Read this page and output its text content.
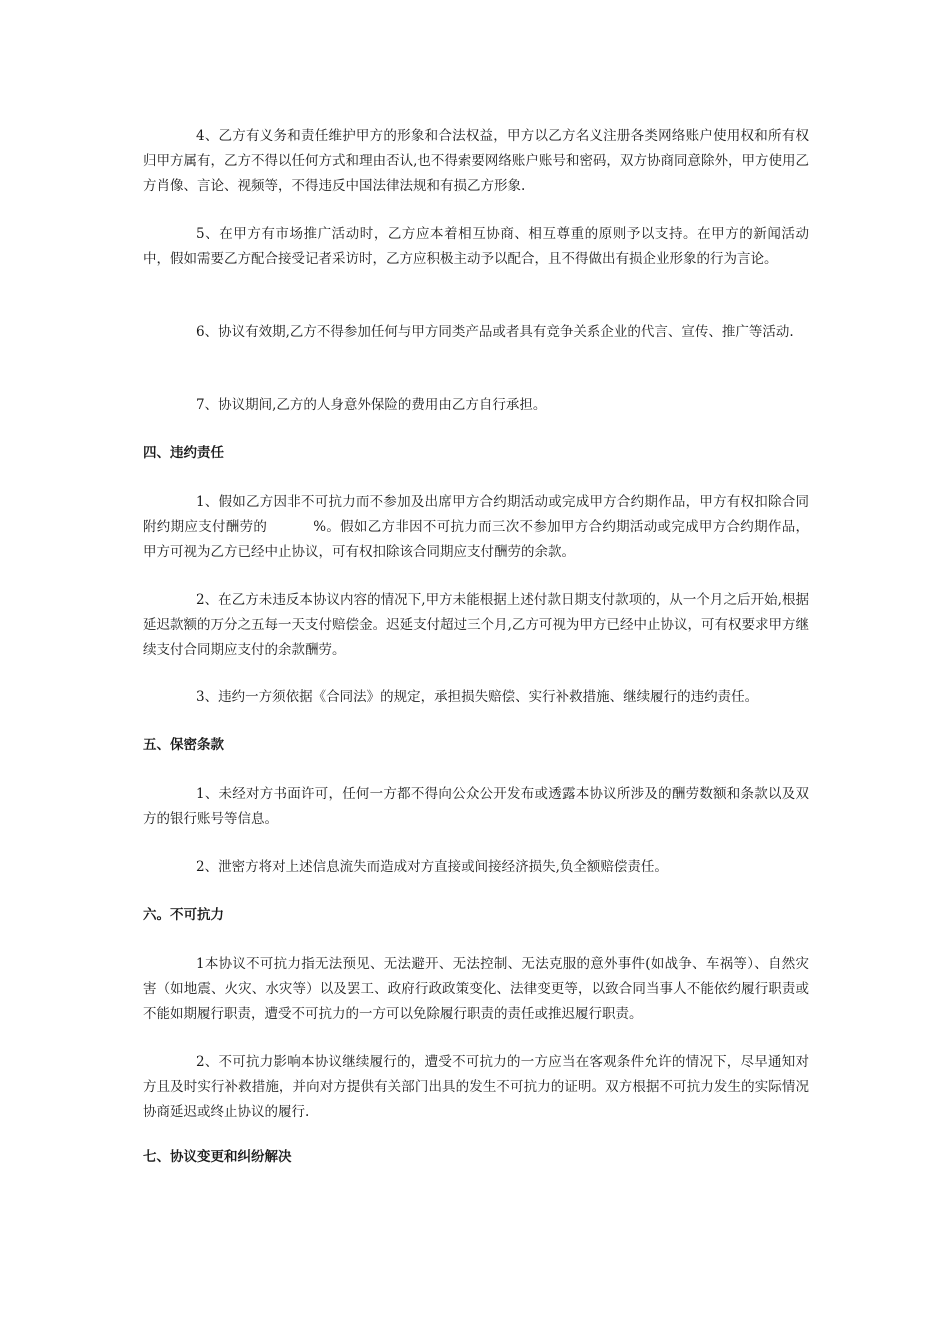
4、乙方有义务和责任维护甲方的形象和合法权益，甲方以乙方名义注册各类网络账户使用权和所有权归甲方属有，乙方不得以任何方式和理由否认,也不得索要网络账户账号和密码，双方协商同意除外，甲方使用乙方肖像、言论、视频等，不得违反中国法律法规和有损乙方形象.

5、在甲方有市场推广活动时，乙方应本着相互协商、相互尊重的原则予以支持。在甲方的新闻活动中，假如需要乙方配合接受记者采访时，乙方应积极主动予以配合，且不得做出有损企业形象的行为言论。

6、协议有效期,乙方不得参加任何与甲方同类产品或者具有竞争关系企业的代言、宣传、推广等活动.

7、协议期间,乙方的人身意外保险的费用由乙方自行承担。

四、违约责任

1、假如乙方因非不可抗力而不参加及出席甲方合约期活动或完成甲方合约期作品，甲方有权扣除合同附约期应支付酬劳的	%。假如乙方非因不可抗力而三次不参加甲方合约期活动或完成甲方合约期作品，甲方可视为乙方已经中止协议，可有权扣除该合同期应支付酬劳的余款。

2、在乙方未违反本协议内容的情况下,甲方未能根据上述付款日期支付款项的，从一个月之后开始,根据延迟款额的万分之五每一天支付赔偿金。迟延支付超过三个月,乙方可视为甲方已经中止协议，可有权要求甲方继续支付合同期应支付的余款酬劳。

3、违约一方须依据《合同法》的规定，承担损失赔偿、实行补救措施、继续履行的违约责任。

五、保密条款

1、未经对方书面许可，任何一方都不得向公众公开发布或透露本协议所涉及的酬劳数额和条款以及双方的银行账号等信息。

2、泄密方将对上述信息流失而造成对方直接或间接经济损失,负全额赔偿责任。

六。不可抗力

1本协议不可抗力指无法预见、无法避开、无法控制、无法克服的意外事件(如战争、车祸等）、自然灾害（如地震、火灾、水灾等）以及罢工、政府行政政策变化、法律变更等，以致合同当事人不能依约履行职责或不能如期履行职责，遭受不可抗力的一方可以免除履行职责的责任或推迟履行职责。

2、不可抗力影响本协议继续履行的，遭受不可抗力的一方应当在客观条件允许的情况下，尽早通知对方且及时实行补救措施，并向对方提供有关部门出具的发生不可抗力的证明。双方根据不可抗力发生的实际情况协商延迟或终止协议的履行.

七、协议变更和纠纷解决
